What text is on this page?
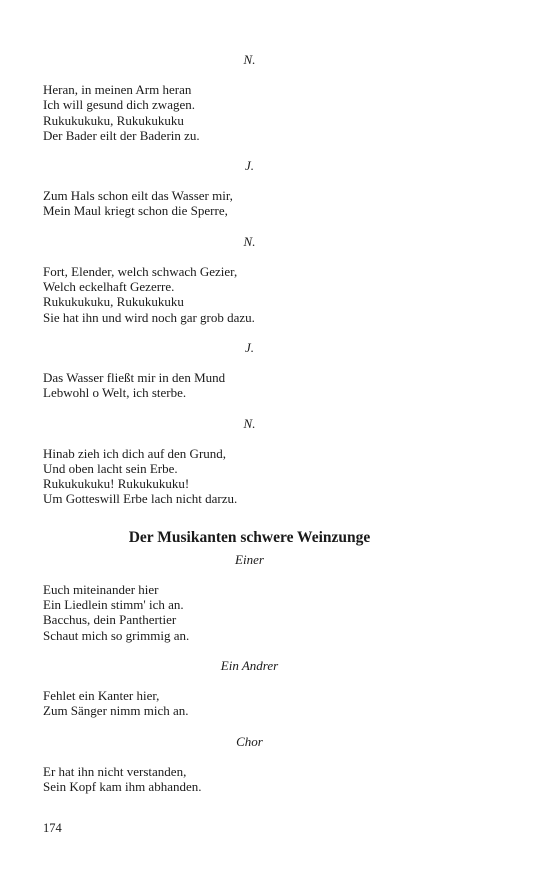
N.
Heran, in meinen Arm heran
Ich will gesund dich zwagen.
Rukukukuku, Rukukukuku
Der Bader eilt der Baderin zu.
J.
Zum Hals schon eilt das Wasser mir,
Mein Maul kriegt schon die Sperre,
N.
Fort, Elender, welch schwach Gezier,
Welch eckelhaft Gezerre.
Rukukukuku, Rukukukuku
Sie hat ihn und wird noch gar grob dazu.
J.
Das Wasser fließt mir in den Mund
Lebwohl o Welt, ich sterbe.
N.
Hinab zieh ich dich auf den Grund,
Und oben lacht sein Erbe.
Rukukukuku! Rukukukuku!
Um Gotteswill Erbe lach nicht darzu.
Der Musikanten schwere Weinzunge
Einer
Euch miteinander hier
Ein Liedlein stimm' ich an.
Bacchus, dein Panthertier
Schaut mich so grimmig an.
Ein Andrer
Fehlet ein Kanter hier,
Zum Sänger nimm mich an.
Chor
Er hat ihn nicht verstanden,
Sein Kopf kam ihm abhanden.
174
